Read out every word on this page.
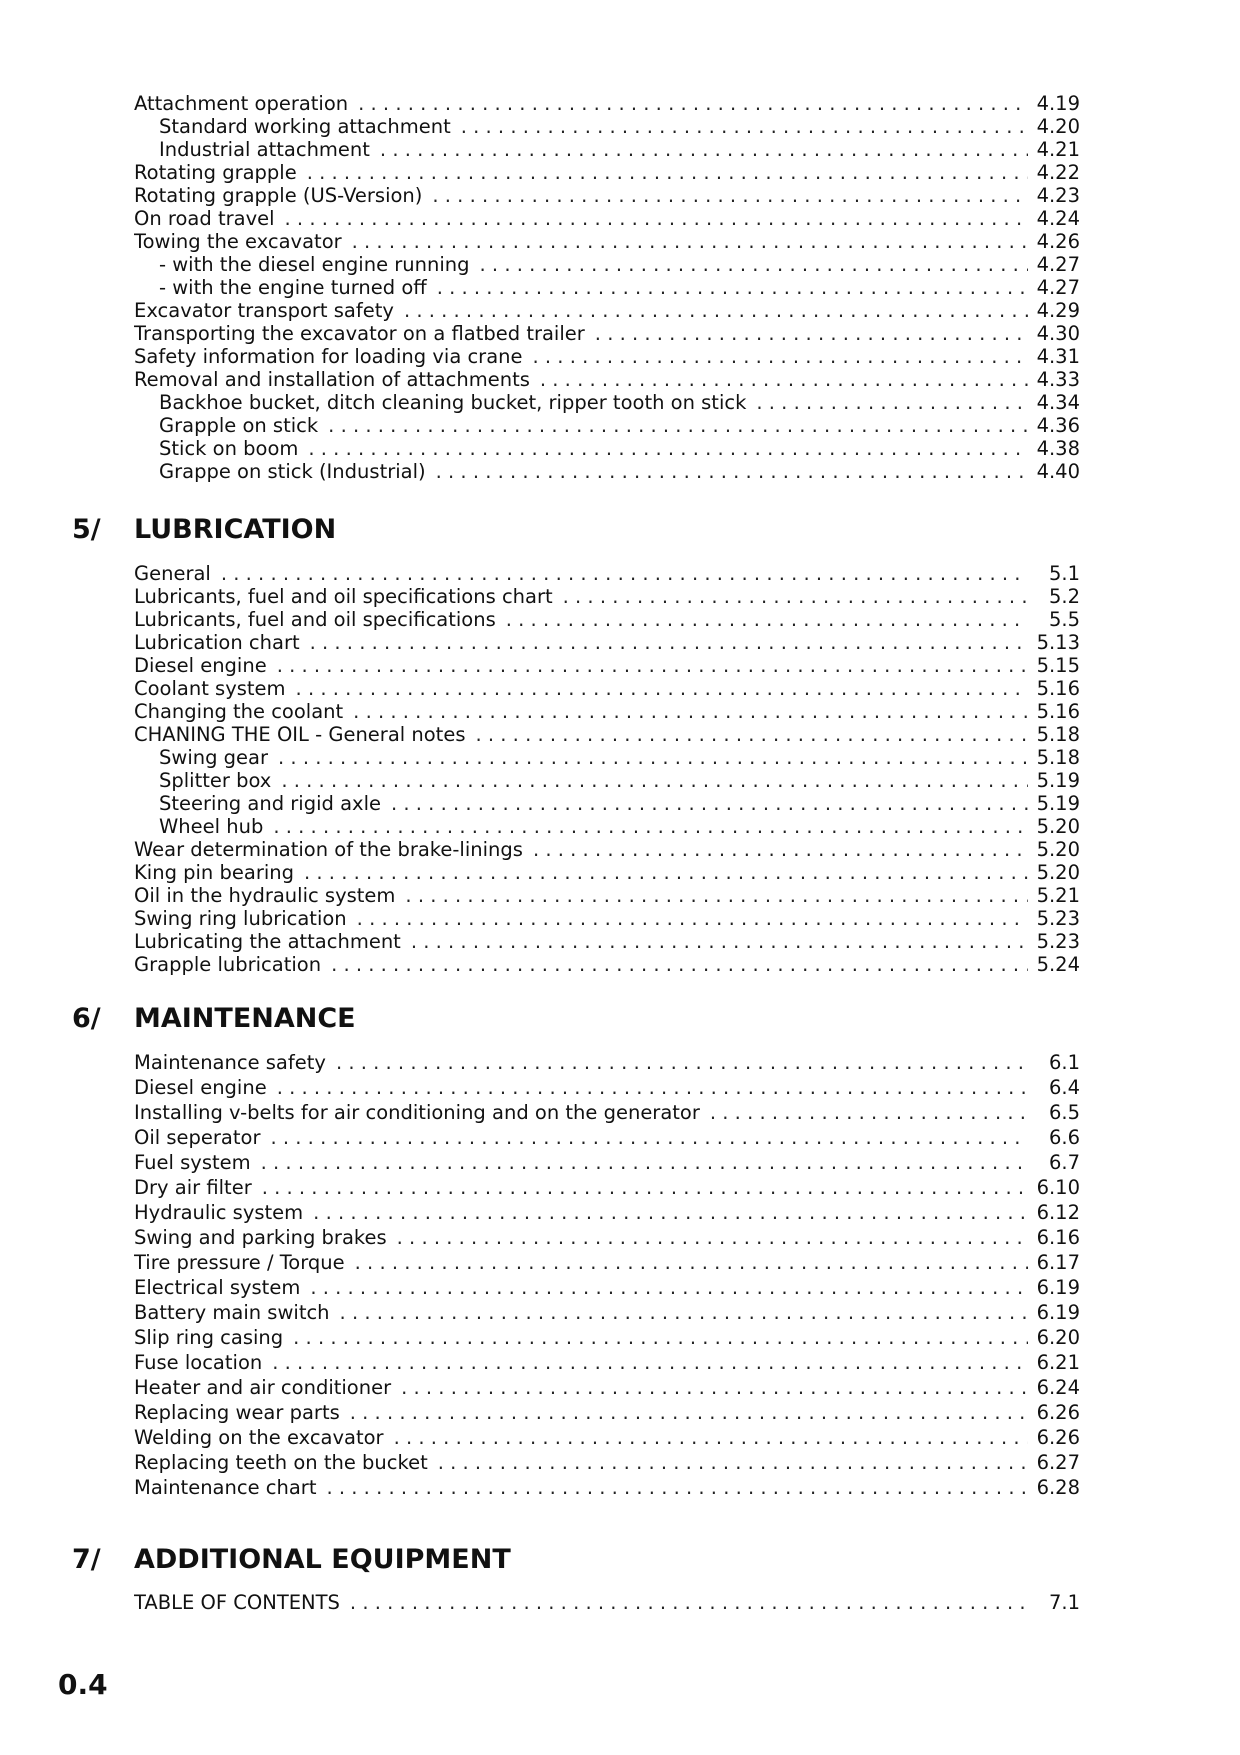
Attachment operation . . .	4.19
Standard working attachment . . .	4.20
Industrial attachment . . .	4.21
Rotating grapple . . .	4.22
Rotating grapple (US-Version) . . .	4.23
On road travel . . .	4.24
Towing the excavator . . .	4.26
- with the diesel engine running . . .	4.27
- with the engine turned off . . .	4.27
Excavator transport safety . . .	4.29
Transporting the excavator on a flatbed trailer . . .	4.30
Safety information for loading via crane . . .	4.31
Removal and installation of attachments . . .	4.33
Backhoe bucket, ditch cleaning bucket, ripper tooth on stick . . .	4.34
Grapple on stick . . .	4.36
Stick on boom . . .	4.38
Grappe on stick (Industrial) . . .	4.40
5/ LUBRICATION
General . . .	5.1
Lubricants, fuel and oil specifications chart . . .	5.2
Lubricants, fuel and oil specifications . . .	5.5
Lubrication chart . . .	5.13
Diesel engine . . .	5.15
Coolant system . . .	5.16
Changing the coolant . . .	5.16
CHANING THE OIL - General notes . . .	5.18
Swing gear . . .	5.18
Splitter box . . .	5.19
Steering and rigid axle . . .	5.19
Wheel hub . . .	5.20
Wear determination of the brake-linings . . .	5.20
King pin bearing . . .	5.20
Oil in the hydraulic system . . .	5.21
Swing ring lubrication . . .	5.23
Lubricating the attachment . . .	5.23
Grapple lubrication . . .	5.24
6/ MAINTENANCE
Maintenance safety . . .	6.1
Diesel engine . . .	6.4
Installing v-belts for air conditioning and on the generator . . .	6.5
Oil seperator . . .	6.6
Fuel system . . .	6.7
Dry air filter . . .	6.10
Hydraulic system . . .	6.12
Swing and parking brakes . . .	6.16
Tire pressure / Torque . . .	6.17
Electrical system . . .	6.19
Battery main switch . . .	6.19
Slip ring casing . . .	6.20
Fuse location . . .	6.21
Heater and air conditioner . . .	6.24
Replacing wear parts . . .	6.26
Welding on the excavator . . .	6.26
Replacing teeth on the bucket . . .	6.27
Maintenance chart . . .	6.28
7/ ADDITIONAL EQUIPMENT
TABLE OF CONTENTS . . .	7.1
0.4
